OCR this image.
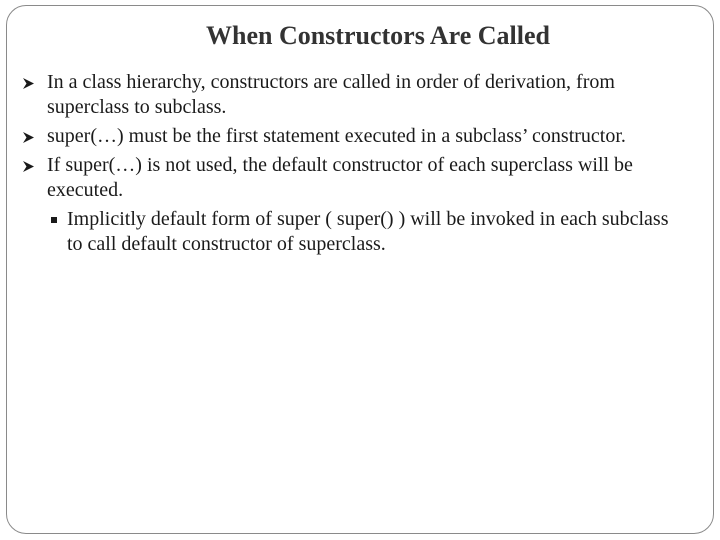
When Constructors Are Called
In a class hierarchy, constructors are called in order of derivation, from superclass to subclass.
super(…) must be the first statement executed in a subclass’ constructor.
If super(…) is not used, the default constructor of each superclass will be executed.
Implicitly default form of super ( super() ) will be invoked in each subclass to call default constructor of superclass.
